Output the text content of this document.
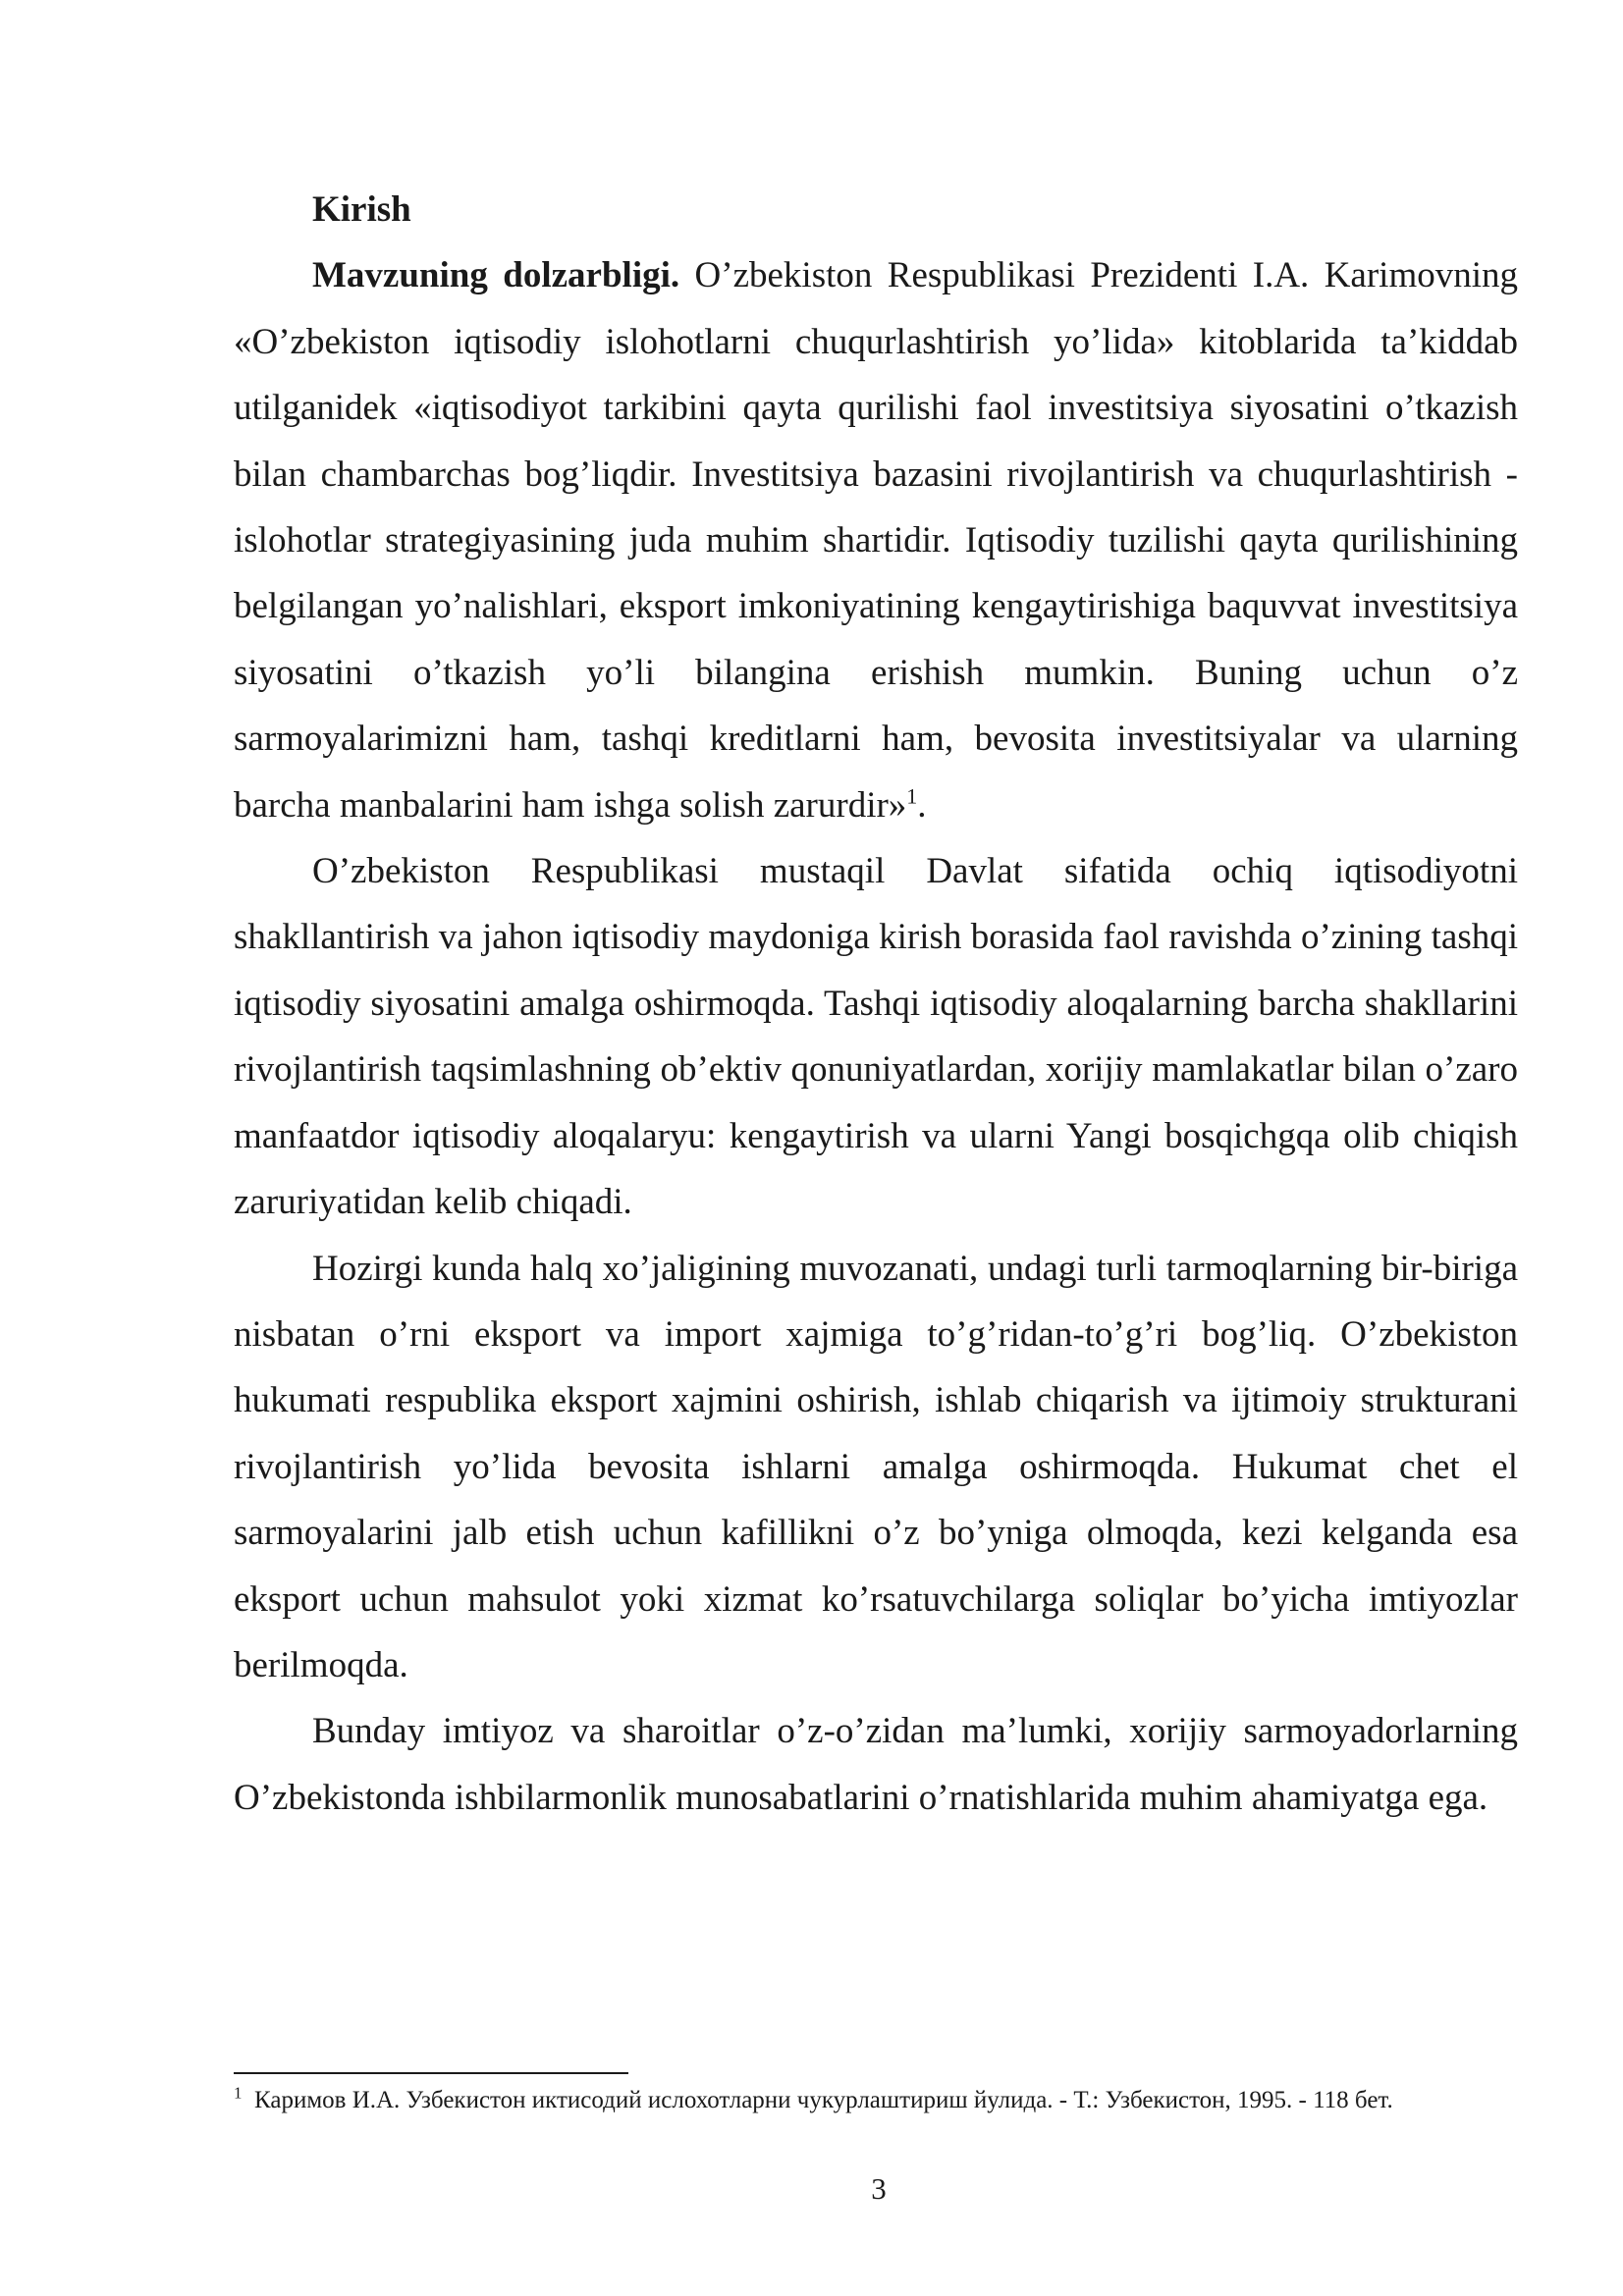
Kirish

Mavzuning dolzarbligi. O’zbekiston Respublikasi Prezidenti I.A. Karimovning «O’zbekiston iqtisodiy islohotlarni chuqurlashtirish yo’lida» kitoblarida ta’kiddab utilganidek «iqtisodiyot tarkibini qayta qurilishi faol investitsiya siyosatini o’tkazish bilan chambarchas bog’liqdir. Investitsiya bazasini rivojlantirish va chuqurlashtirish - islohotlar strategiyasining juda muhim shartidir. Iqtisodiy tuzilishi qayta qurilishining belgilangan yo’nalishlari, eksport imkoniyatining kengaytirishiga baquvvat investitsiya siyosatini o’tkazish yo’li bilangina erishish mumkin. Buning uchun o’z sarmoyalarimizni ham, tashqi kreditlarni ham, bevosita investitsiyalar va ularning barcha manbalarini ham ishga solish zarurdir»$^1$.

O’zbekiston Respublikasi mustaqil Davlat sifatida ochiq iqtisodiyotni shakllantirish va jahon iqtisodiy maydoniga kirish borasida faol ravishda o’zining tashqi iqtisodiy siyosatini amalga oshirmoqda. Tashqi iqtisodiy aloqalarning barcha shakllarini rivojlantirish taqsimlashning ob’ektiv qonuniyatlardan, xorijiy mamlakatlar bilan o’zaro manfaatdor iqtisodiy aloqalaryu: kengaytirish va ularni Yangi bosqichgqa olib chiqish zaruriyatidan kelib chiqadi.

Hozirgi kunda halq xo’jaligining muvozanati, undagi turli tarmoqlarning bir-biriga nisbatan o’rni eksport va import xajmiga to’g’ridan-to’g’ri bog’liq. O’zbekiston hukumati respublika eksport xajmini oshirish, ishlab chiqarish va ijtimoiy strukturani rivojlantirish yo’lida bevosita ishlarni amalga oshirmoqda. Hukumat chet el sarmoyalarini jalb etish uchun kafillikni o’z bo’yniga olmoqda, kezi kelganda esa eksport uchun mahsulot yoki xizmat ko’rsatuvchilarga soliqlar bo’yicha imtiyozlar berilmoqda.

Bunday imtiyoz va sharoitlar o’z-o’zidan ma’lumki, xorijiy sarmoyadorlarning O’zbekistonda ishbilarmonlik munosabatlarini o’rnatishlarida muhim ahamiyatga ega.

$^1$ Каримов И.А. Узбекистон иктисодий ислохотларни чукурлаштириш йулида. - Т.: Узбекистон, 1995. - 118 бет.

3
